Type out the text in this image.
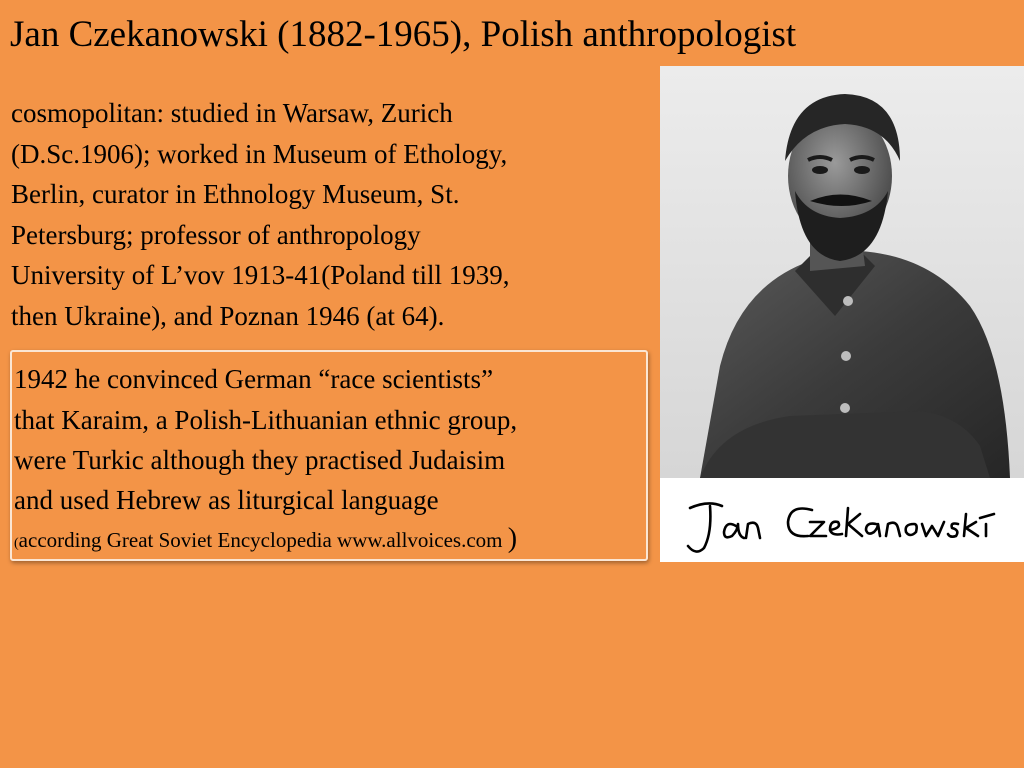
Jan Czekanowski (1882-1965), Polish anthropologist
cosmopolitan: studied in Warsaw, Zurich
(D.Sc.1906); worked in Museum of Ethology,
Berlin, curator in Ethnology Museum, St.
Petersburg; professor of anthropology
University of L’vov 1913-41(Poland till 1939,
then Ukraine), and Poznan 1946 (at 64).
1942 he convinced German “race scientists”
that Karaim, a Polish-Lithuanian ethnic group,
were Turkic although they practised Judaisim
and used Hebrew as liturgical language
(according Great Soviet Encyclopedia www.allvoices.com )
